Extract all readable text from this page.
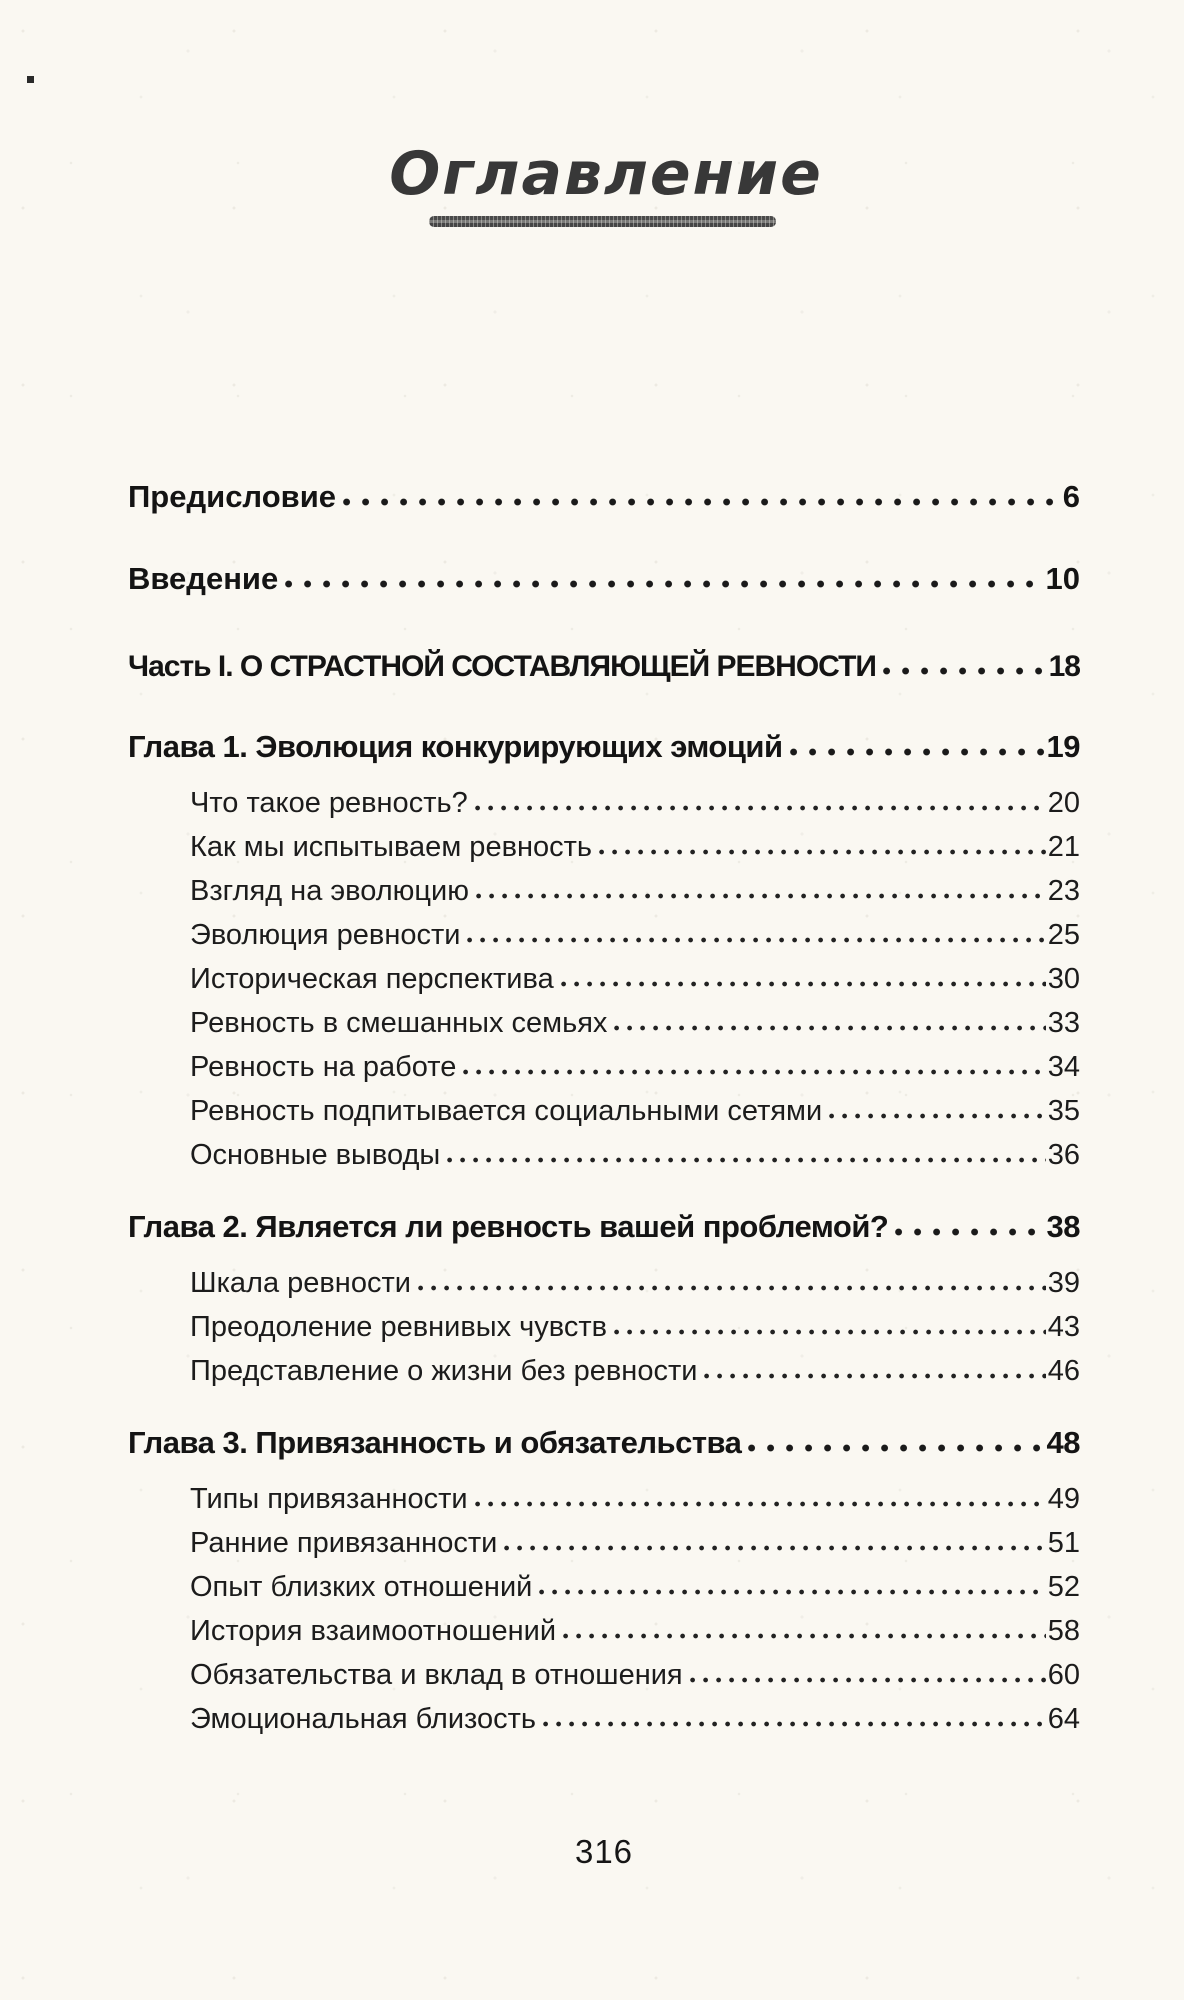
Оглавление
Предисловие	6
Введение	10
Часть I. О СТРАСТНОЙ СОСТАВЛЯЮЩЕЙ РЕВНОСТИ	18
Глава 1. Эволюция конкурирующих эмоций	19
Что такое ревность?	20
Как мы испытываем ревность	21
Взгляд на эволюцию	23
Эволюция ревности	25
Историческая перспектива	30
Ревность в смешанных семьях	33
Ревность на работе	34
Ревность подпитывается социальными сетями	35
Основные выводы	36
Глава 2. Является ли ревность вашей проблемой?	38
Шкала ревности	39
Преодоление ревнивых чувств	43
Представление о жизни без ревности	46
Глава 3. Привязанность и обязательства	48
Типы привязанности	49
Ранние привязанности	51
Опыт близких отношений	52
История взаимоотношений	58
Обязательства и вклад в отношения	60
Эмоциональная близость	64
316
